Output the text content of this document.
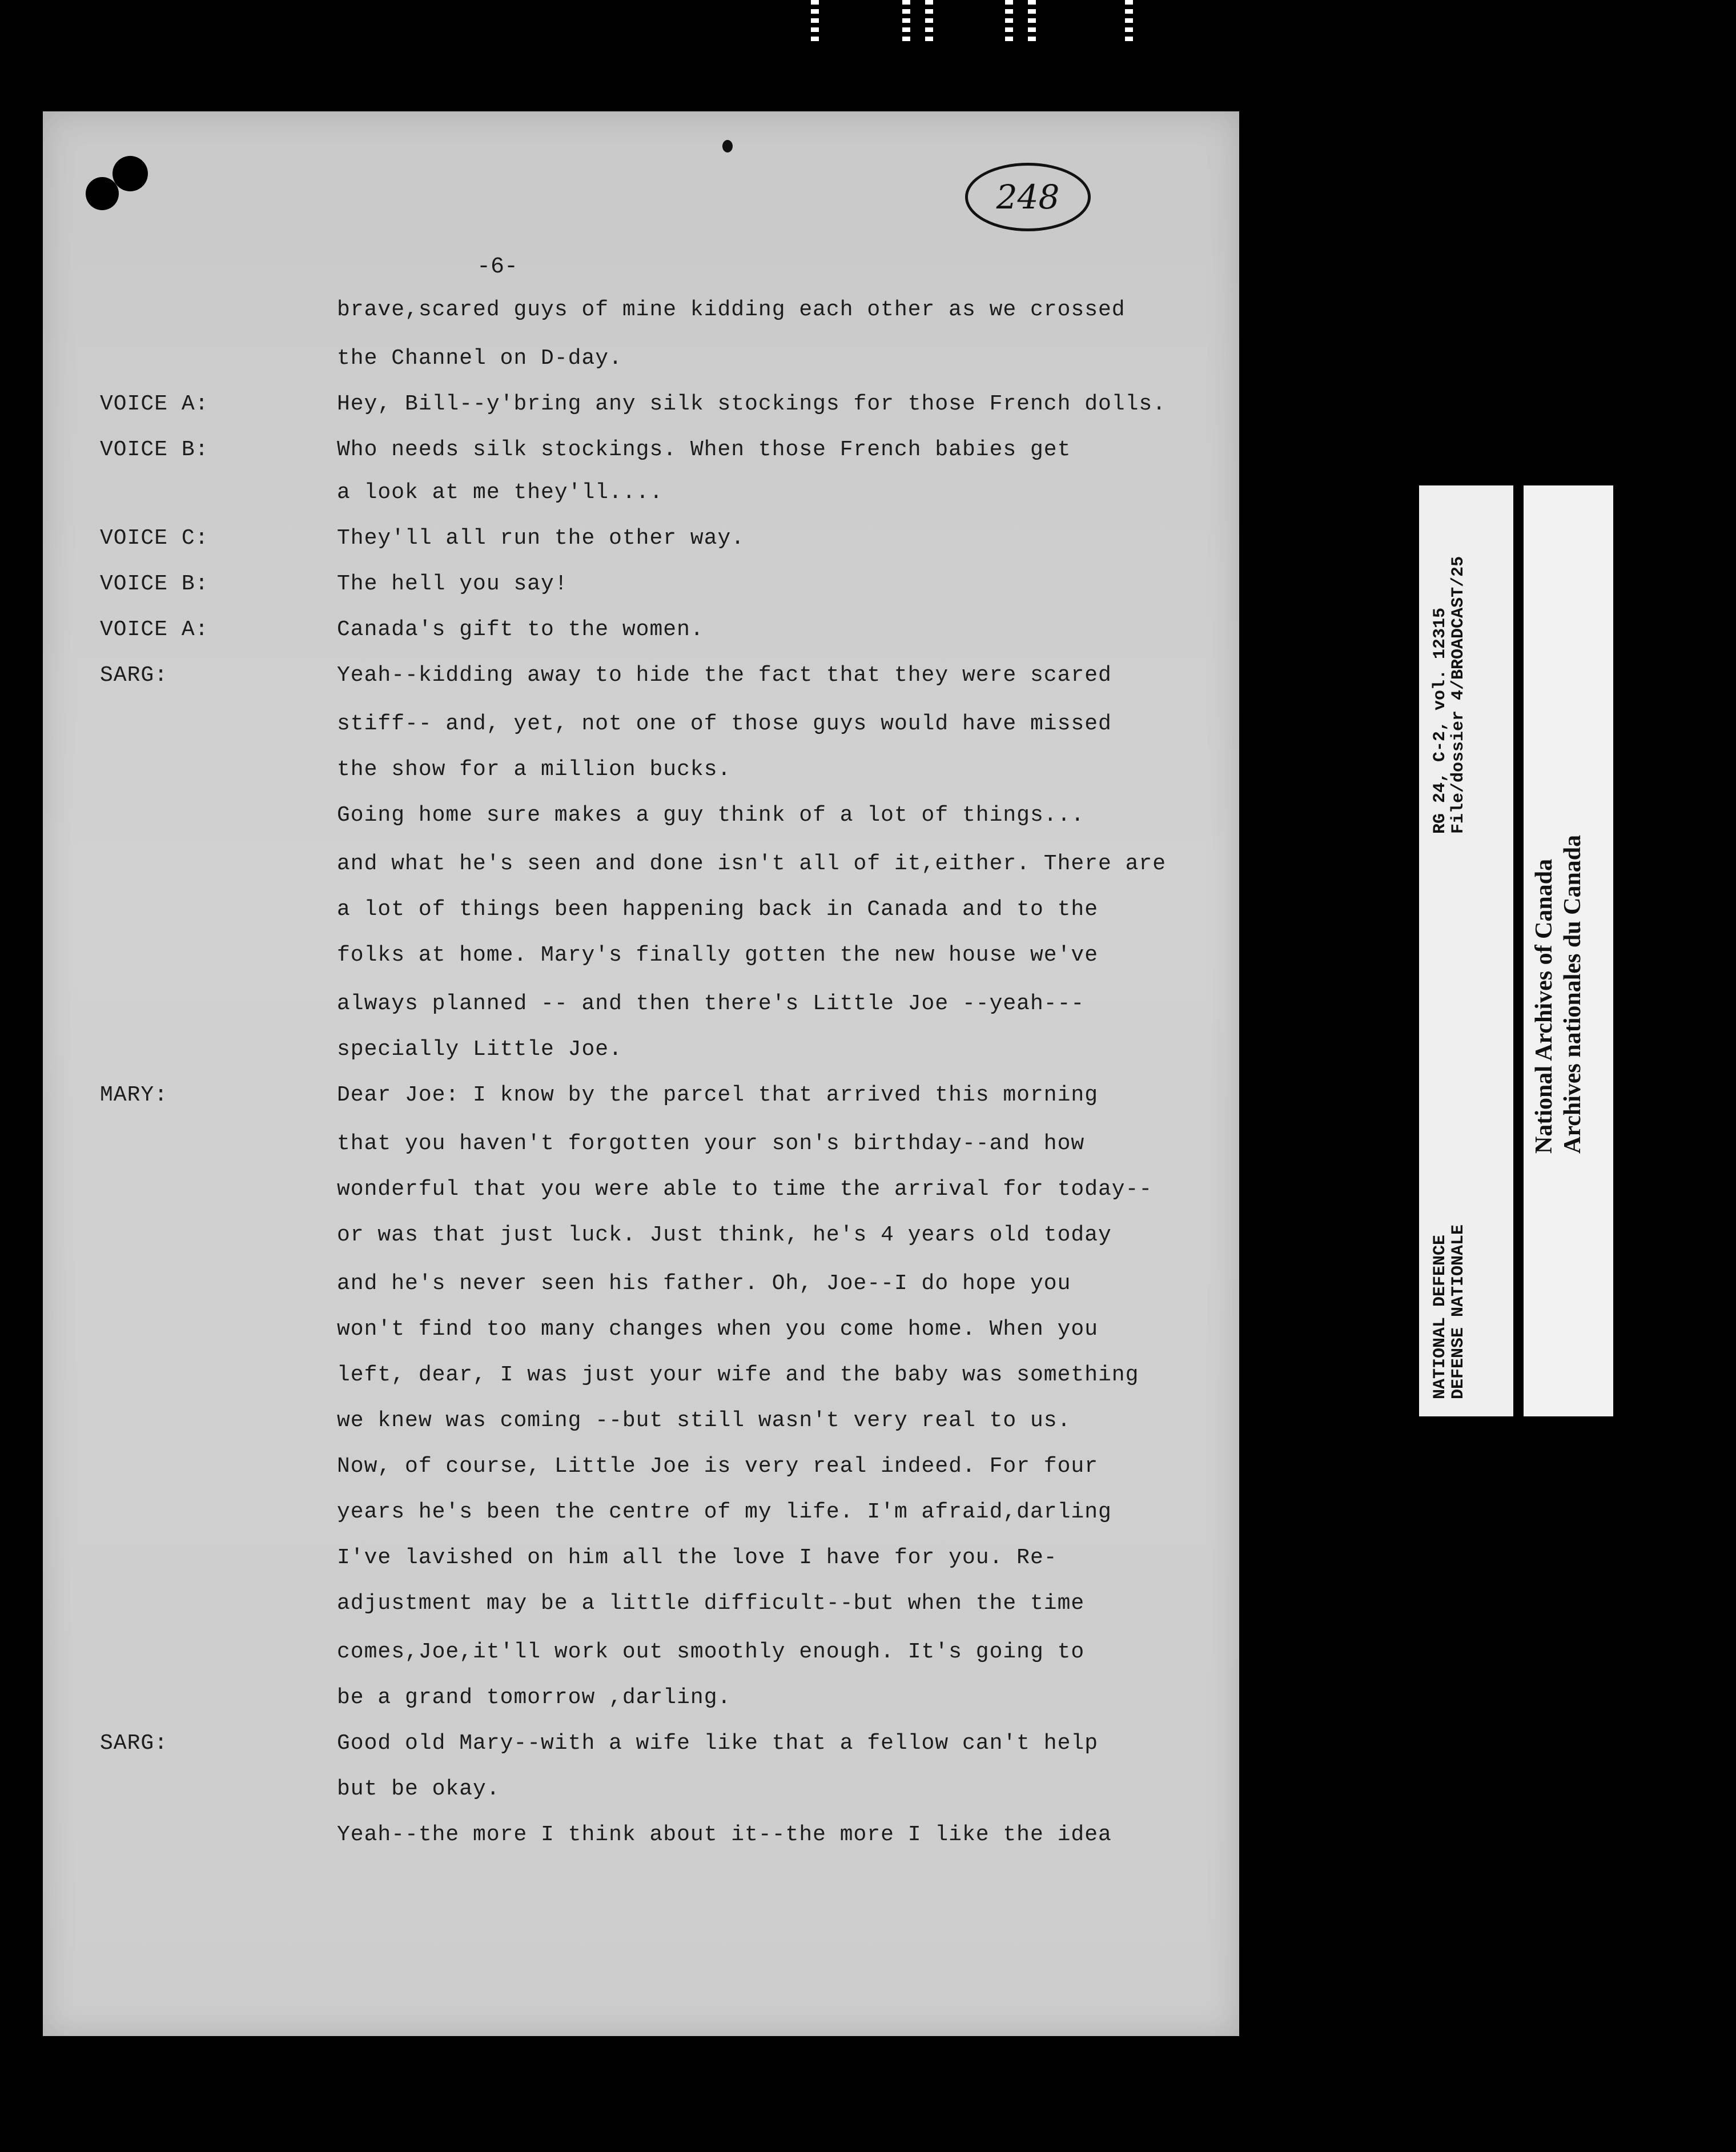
248
-6-
brave,scared guys of mine kidding each other as we crossed
the Channel on D-day.
VOICE A:	Hey, Bill--y'bring any silk stockings for those French dolls.
VOICE B:	Who needs silk stockings. When those French babies get
a look at me they'll....
VOICE C:	They'll all run the other way.
VOICE B:	The hell you say!
VOICE A:	Canada's gift to the women.
SARG:	Yeah--kidding away to hide the fact that they were scared
stiff-- and, yet, not one of those guys would have missed
the show for a million bucks.
Going home sure makes a guy think of a lot of things...
and what he's seen and done isn't all of it,either. There are
a lot of things been happening back in Canada and to the
folks at home. Mary's finally gotten the new house we've
always planned -- and then there's Little Joe --yeah---
specially Little Joe.
MARY:	Dear Joe: I know by the parcel that arrived this morning
that you haven't forgotten your son's birthday--and how
wonderful that you were able to time the arrival for today--
or was that just luck. Just think, he's 4 years old today
and he's never seen his father. Oh, Joe--I do hope you
won't find too many changes when you come home. When you
left, dear, I was just your wife and the baby was something
we knew was coming --but still wasn't very real to us.
Now, of course, Little Joe is very real indeed. For four
years he's been the centre of my life. I'm afraid,darling
I've lavished on him all the love I have for you. Re-
adjustment may be a little difficult--but when the time
comes,Joe,it'll work out smoothly enough. It's going to
be a grand tomorrow ,darling.
SARG:	Good old Mary--with a wife like that a fellow can't help
but be okay.
Yeah--the more I think about it--the more I like the idea
NATIONAL DEFENCE
DEFENSE NATIONALE
RG 24, C-2, vol. 12315
File/dossier 4/BROADCAST/25
National Archives of Canada Archives nationales du Canada
